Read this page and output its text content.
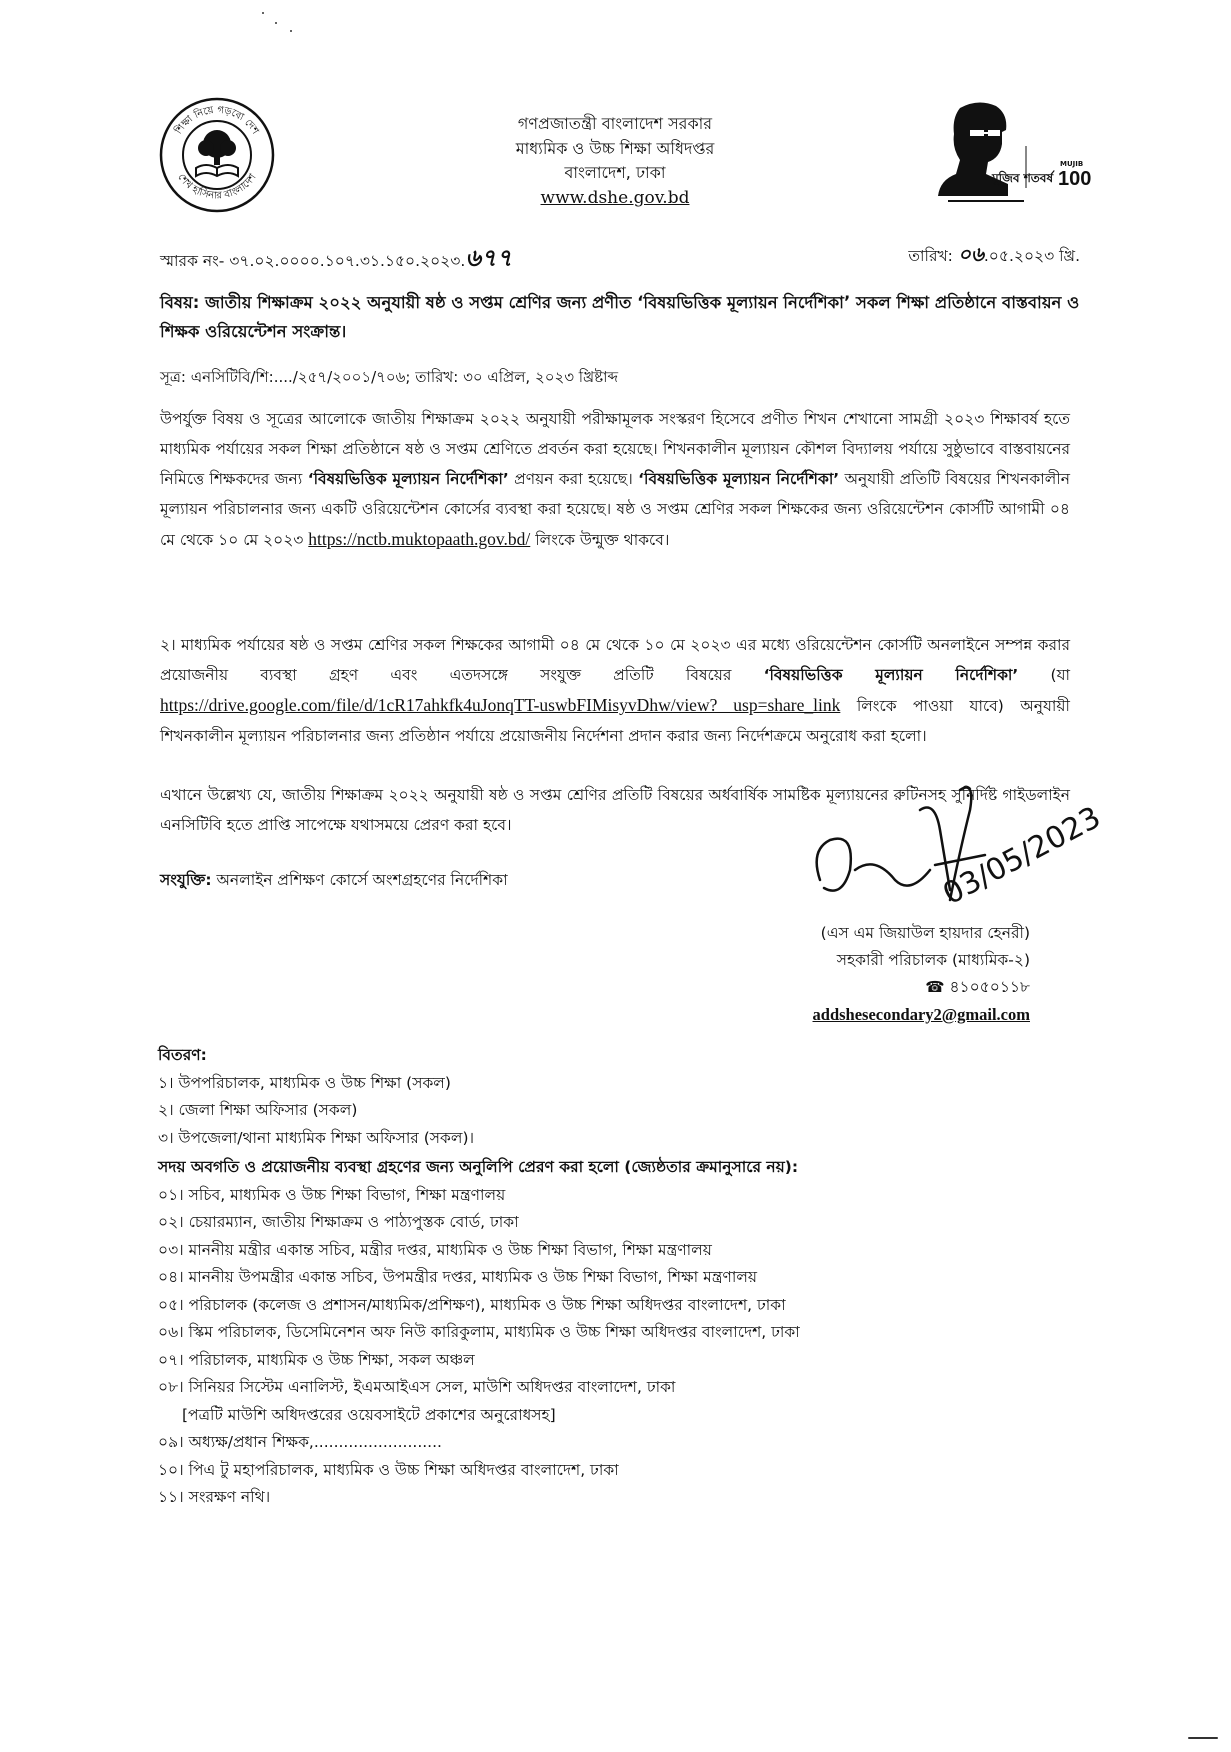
শিক্ষা নিয়ে গড়বো দেশ
শেখ হাসিনার বাংলাদেশ
গণপ্রজাতন্ত্রী বাংলাদেশ সরকার
মাধ্যমিক ও উচ্চ শিক্ষা অধিদপ্তর
বাংলাদেশ, ঢাকা
www.dshe.gov.bd
মুজিব শতবর্ষ
MUJIB
100
স্মারক নং- ৩৭.০২.০০০০.১০৭.৩১.১৫০.২০২৩.৬৭৭	তারিখ: ০৬.০৫.২০২৩ খ্রি.
বিষয়: জাতীয় শিক্ষাক্রম ২০২২ অনুযায়ী ষষ্ঠ ও সপ্তম শ্রেণির জন্য প্রণীত ‘বিষয়ভিত্তিক মূল্যায়ন নির্দেশিকা’ সকল শিক্ষা প্রতিষ্ঠানে বাস্তবায়ন ও শিক্ষক ওরিয়েন্টেশন সংক্রান্ত।
সূত্র: এনসিটিবি/শি:..../২৫৭/২০০১/৭০৬; তারিখ: ৩০ এপ্রিল, ২০২৩ খ্রিষ্টাব্দ
উপর্যুক্ত বিষয় ও সূত্রের আলোকে জাতীয় শিক্ষাক্রম ২০২২ অনুযায়ী পরীক্ষামূলক সংস্করণ হিসেবে প্রণীত শিখন শেখানো সামগ্রী ২০২৩ শিক্ষাবর্ষ হতে মাধ্যমিক পর্যায়ের সকল শিক্ষা প্রতিষ্ঠানে ষষ্ঠ ও সপ্তম শ্রেণিতে প্রবর্তন করা হয়েছে। শিখনকালীন মূল্যায়ন কৌশল বিদ্যালয় পর্যায়ে সুষ্ঠুভাবে বাস্তবায়নের নিমিত্তে শিক্ষকদের জন্য ‘বিষয়ভিত্তিক মূল্যায়ন নির্দেশিকা’ প্রণয়ন করা হয়েছে। ‘বিষয়ভিত্তিক মূল্যায়ন নির্দেশিকা’ অনুযায়ী প্রতিটি বিষয়ের শিখনকালীন মূল্যায়ন পরিচালনার জন্য একটি ওরিয়েন্টেশন কোর্সের ব্যবস্থা করা হয়েছে। ষষ্ঠ ও সপ্তম শ্রেণির সকল শিক্ষকের জন্য ওরিয়েন্টেশন কোর্সটি আগামী ০৪ মে থেকে ১০ মে ২০২৩ https://nctb.muktopaath.gov.bd/ লিংকে উন্মুক্ত থাকবে।
২। মাধ্যমিক পর্যায়ের ষষ্ঠ ও সপ্তম শ্রেণির সকল শিক্ষকের আগামী ০৪ মে থেকে ১০ মে ২০২৩ এর মধ্যে ওরিয়েন্টেশন কোর্সটি অনলাইনে সম্পন্ন করার প্রয়োজনীয় ব্যবস্থা গ্রহণ এবং এতদসঙ্গে সংযুক্ত প্রতিটি বিষয়ের ‘বিষয়ভিত্তিক মূল্যায়ন নির্দেশিকা’ (যা https://drive.google.com/file/d/1cR17ahkfk4uJonqTT-uswbFIMisyvDhw/view? usp=share_link লিংকে পাওয়া যাবে) অনুযায়ী শিখনকালীন মূল্যায়ন পরিচালনার জন্য প্রতিষ্ঠান পর্যায়ে প্রয়োজনীয় নির্দেশনা প্রদান করার জন্য নির্দেশক্রমে অনুরোধ করা হলো।
এখানে উল্লেখ্য যে, জাতীয় শিক্ষাক্রম ২০২২ অনুযায়ী ষষ্ঠ ও সপ্তম শ্রেণির প্রতিটি বিষয়ের অর্ধবার্ষিক সামষ্টিক মূল্যায়নের রুটিনসহ সুনির্দিষ্ট গাইডলাইন এনসিটিবি হতে প্রাপ্তি সাপেক্ষে যথাসময়ে প্রেরণ করা হবে।
সংযুক্তি: অনলাইন প্রশিক্ষণ কোর্সে অংশগ্রহণের নির্দেশিকা	03/05/2023
(এস এম জিয়াউল হায়দার হেনরী)
সহকারী পরিচালক (মাধ্যমিক-২)
☎ ৪১০৫০১১৮
addshesecondary2@gmail.com
বিতরণ:
১। উপপরিচালক, মাধ্যমিক ও উচ্চ শিক্ষা (সকল)
২। জেলা শিক্ষা অফিসার (সকল)
৩। উপজেলা/থানা মাধ্যমিক শিক্ষা অফিসার (সকল)।
সদয় অবগতি ও প্রয়োজনীয় ব্যবস্থা গ্রহণের জন্য অনুলিপি প্রেরণ করা হলো (জ্যেষ্ঠতার ক্রমানুসারে নয়):
০১। সচিব, মাধ্যমিক ও উচ্চ শিক্ষা বিভাগ, শিক্ষা মন্ত্রণালয়
০২। চেয়ারম্যান, জাতীয় শিক্ষাক্রম ও পাঠ্যপুস্তক বোর্ড, ঢাকা
০৩। মাননীয় মন্ত্রীর একান্ত সচিব, মন্ত্রীর দপ্তর, মাধ্যমিক ও উচ্চ শিক্ষা বিভাগ, শিক্ষা মন্ত্রণালয়
০৪। মাননীয় উপমন্ত্রীর একান্ত সচিব, উপমন্ত্রীর দপ্তর, মাধ্যমিক ও উচ্চ শিক্ষা বিভাগ, শিক্ষা মন্ত্রণালয়
০৫। পরিচালক (কলেজ ও প্রশাসন/মাধ্যমিক/প্রশিক্ষণ), মাধ্যমিক ও উচ্চ শিক্ষা অধিদপ্তর বাংলাদেশ, ঢাকা
০৬। স্কিম পরিচালক, ডিসেমিনেশন অফ নিউ কারিকুলাম, মাধ্যমিক ও উচ্চ শিক্ষা অধিদপ্তর বাংলাদেশ, ঢাকা
০৭। পরিচালক, মাধ্যমিক ও উচ্চ শিক্ষা, সকল অঞ্চল
০৮। সিনিয়র সিস্টেম এনালিস্ট, ইএমআইএস সেল, মাউশি অধিদপ্তর বাংলাদেশ, ঢাকা
[পত্রটি মাউশি অধিদপ্তরের ওয়েবসাইটে প্রকাশের অনুরোধসহ]
০৯। অধ্যক্ষ/প্রধান শিক্ষক,..........................
১০। পিএ টু মহাপরিচালক, মাধ্যমিক ও উচ্চ শিক্ষা অধিদপ্তর বাংলাদেশ, ঢাকা
১১। সংরক্ষণ নথি।
